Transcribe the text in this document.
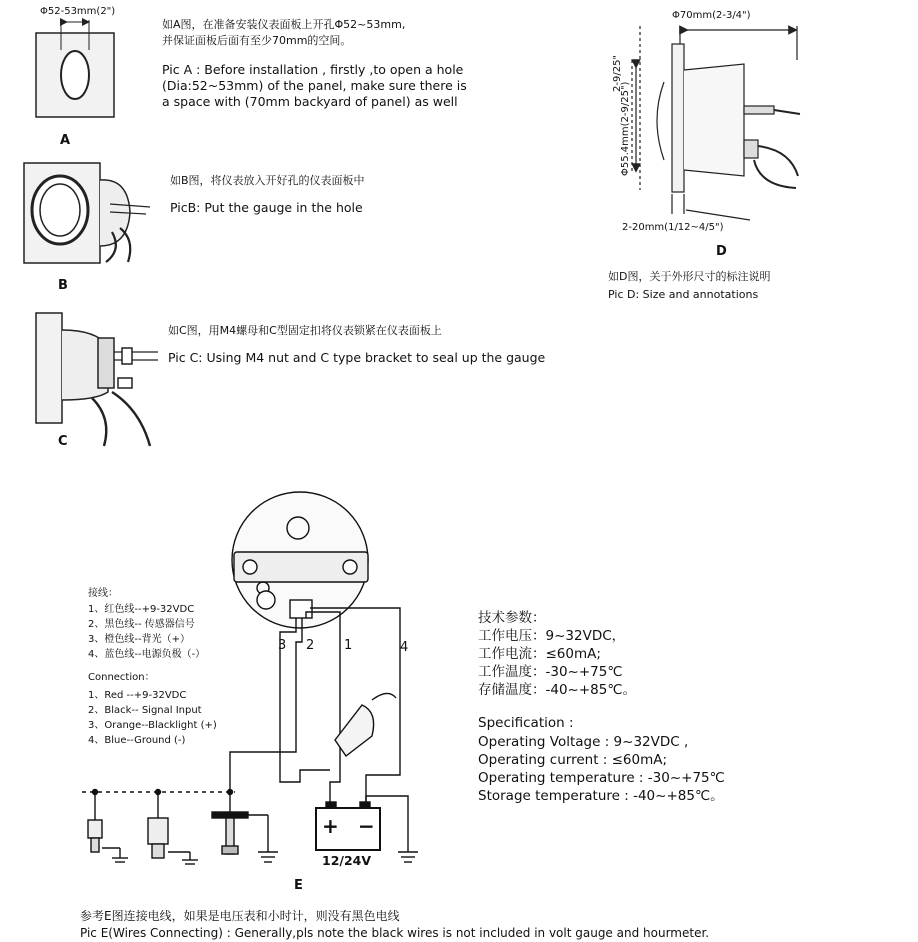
Φ52-53mm(2")
A
如A图，在准备安装仪表面板上开孔Φ52~53mm,
并保证面板后面有至少70mm的空间。
Pic A : Before installation , firstly ,to open a hole
(Dia:52~53mm) of the panel, make sure there is
a space with (70mm backyard of panel) as well
B
如B图，将仪表放入开好孔的仪表面板中
PicB: Put the gauge in the hole
C
如C图，用M4螺母和C型固定扣将仪表锁紧在仪表面板上
Pic C: Using M4 nut and C type bracket to seal up the gauge
Φ70mm(2-3/4")
2-9/25"
Φ55.4mm(2-9/25")
2-20mm(1/12~4/5")
D
如D图，关于外形尺寸的标注说明
Pic D: Size and annotations
接线：
1、红色线--+9-32VDC
2、黑色线-- 传感器信号
3、橙色线--背光（+）
4、蓝色线--电源负极（-）
Connection：
1、Red --+9-32VDC
2、Black-- Signal Input
3、Orange--Blacklight (+)
4、Blue--Ground (-)
3 2 1	4
+ −
12/24V
E
技术参数：
工作电压：9~32VDC，
工作电流：≤60mA;
工作温度：-30~+75℃
存储温度：-40~+85℃。
Specification :
Operating Voltage : 9~32VDC ,
Operating current : ≤60mA;
Operating temperature : -30~+75℃
Storage temperature : -40~+85℃。
参考E图连接电线，如果是电压表和小时计，则没有黑色电线
Pic E(Wires Connecting) : Generally,pls note the black wires is not included in volt gauge and hourmeter.
